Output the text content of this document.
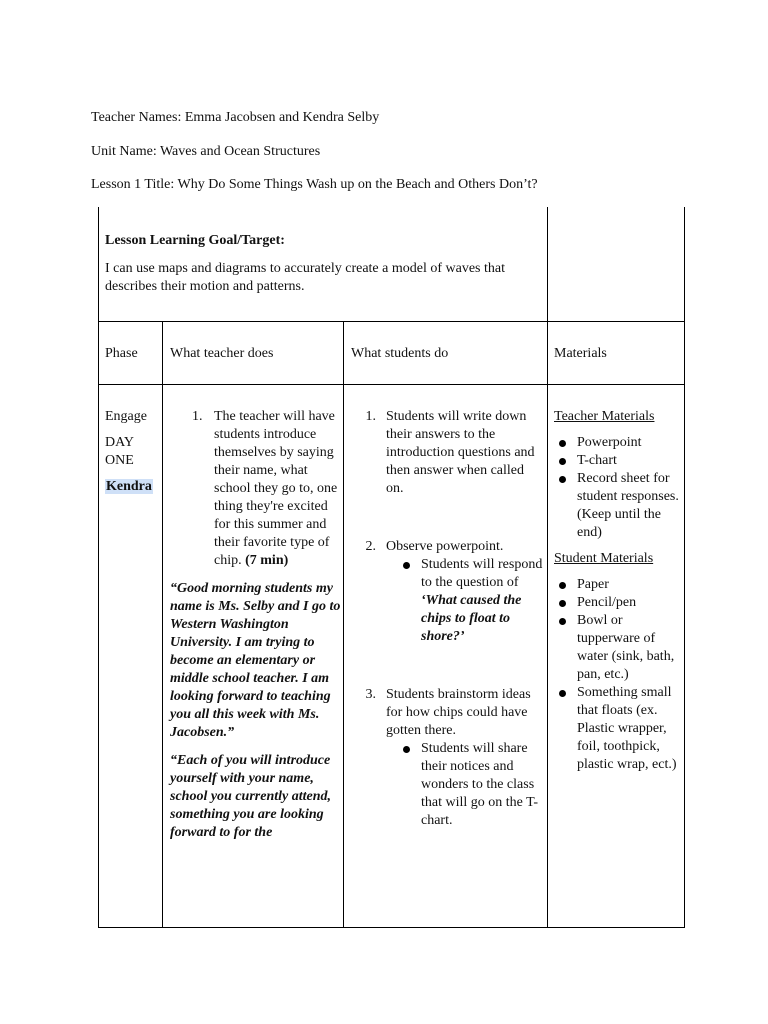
Teacher Names: Emma Jacobsen and Kendra Selby
Unit Name: Waves and Ocean Structures
Lesson 1 Title: Why Do Some Things Wash up on the Beach and Others Don’t?
Lesson Learning Goal/Target:
I can use maps and diagrams to accurately create a model of waves that describes their motion and patterns.
Phase What teacher does	What students do	Materials
Engage
DAY
ONE
Kendra
1. The teacher will have students introduce themselves by saying their name, what school they go to, one thing they're excited for this summer and their favorite type of chip. (7 min)
“Good morning students my name is Ms. Selby and I go to Western Washington University. I am trying to become an elementary or middle school teacher. I am looking forward to teaching you all this week with Ms. Jacobsen.”
“Each of you will introduce yourself with your name, school you currently attend, something you are looking forward to for the
1. Students will write down their answers to the introduction questions and then answer when called on.
2. Observe powerpoint.
Students will respond to the question of ‘What caused the chips to float to shore?’
3. Students brainstorm ideas for how chips could have gotten there.
Students will share their notices and wonders to the class that will go on the T-chart.
Teacher Materials
Powerpoint
T-chart
Record sheet for student responses. (Keep until the end)
Student Materials
Paper
Pencil/pen
Bowl or tupperware of water (sink, bath, pan, etc.)
Something small that floats (ex. Plastic wrapper, foil, toothpick, plastic wrap, ect.)
